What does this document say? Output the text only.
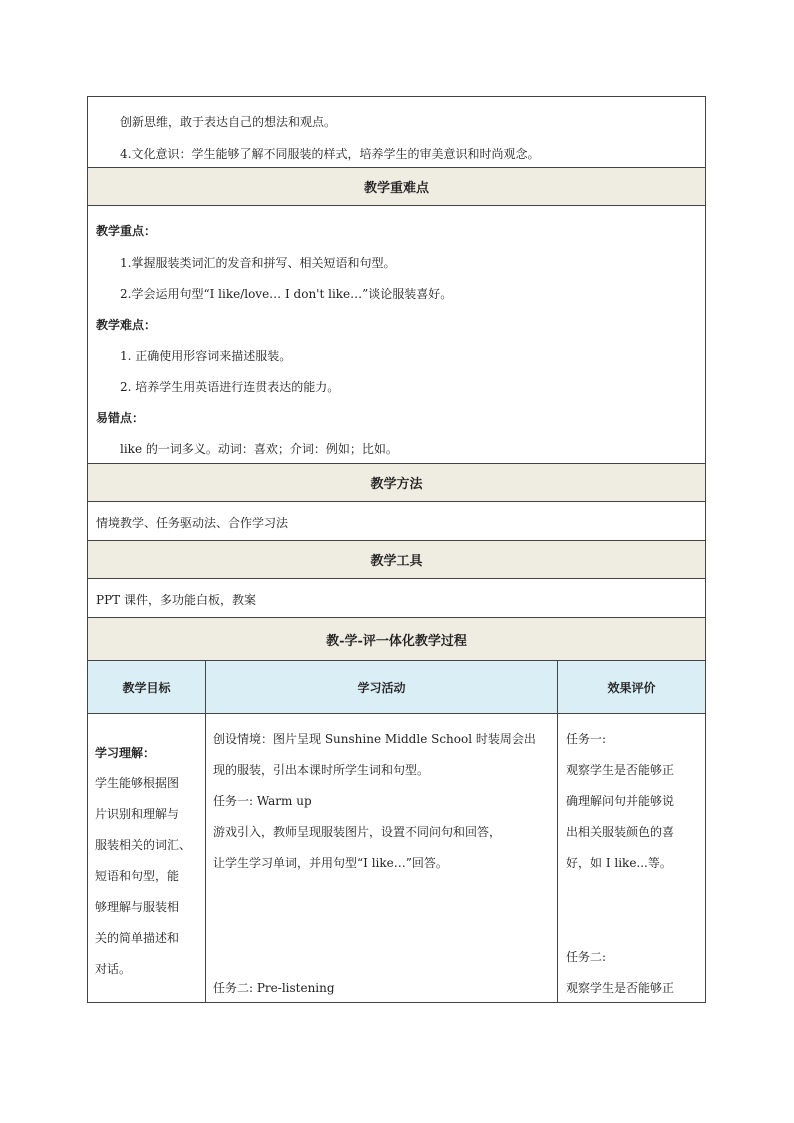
创新思维，敢于表达自己的想法和观点。
4.文化意识：学生能够了解不同服装的样式，培养学生的审美意识和时尚观念。
教学重难点
教学重点：
1.掌握服装类词汇的发音和拼写、相关短语和句型。
2.学会运用句型“I like/love… I don't like…”谈论服装喜好。
教学难点：
1. 正确使用形容词来描述服装。
2. 培养学生用英语进行连贯表达的能力。
易错点：
like 的一词多义。动词：喜欢；介词：例如；比如。
教学方法
情境教学、任务驱动法、合作学习法
教学工具
PPT 课件，多功能白板，教案
教-学-评一体化教学过程
教学目标	学习活动	效果评价
学习理解：
学生能够根据图
片识别和理解与
服装相关的词汇、
短语和句型，能
够理解与服装相
关的简单描述和
对话。
创设情境：图片呈现 Sunshine Middle School 时装周会出
现的服装，引出本课时所学生词和句型。
任务一: Warm up
游戏引入，教师呈现服装图片，设置不同问句和回答，
让学生学习单词，并用句型“I like…”回答。
任务二: Pre-listening
任务一:
观察学生是否能够正
确理解问句并能够说
出相关服装颜色的喜
好，如 I like...等。
任务二:
观察学生是否能够正
